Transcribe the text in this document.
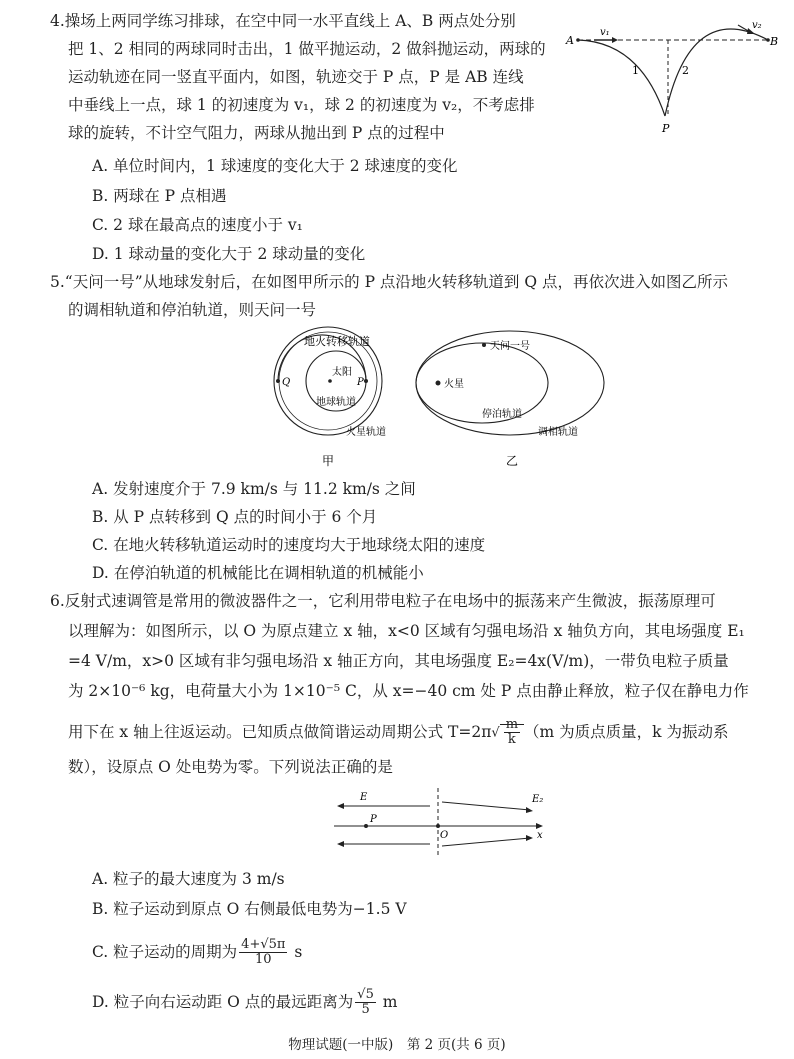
4.操场上两同学练习排球，在空中同一水平直线上 A、B 两点处分别
把 1、2 相同的两球同时击出，1 做平抛运动，2 做斜抛运动，两球的
运动轨迹在同一竖直平面内，如图，轨迹交于 P 点，P 是 AB 连线
中垂线上一点，球 1 的初速度为 v₁，球 2 的初速度为 v₂，不考虑排
球的旋转，不计空气阻力，两球从抛出到 P 点的过程中
A. 单位时间内，1 球速度的变化大于 2 球速度的变化
B. 两球在 P 点相遇
C. 2 球在最高点的速度小于 v₁
D. 1 球动量的变化大于 2 球动量的变化
A	B
P
1	2
v₁
v₂
5.“天问一号”从地球发射后，在如图甲所示的 P 点沿地火转移轨道到 Q 点，再依次进入如图乙所示
的调相轨道和停泊轨道，则天问一号
地火转移轨道
太阳
地球轨道
火星轨道
Q	P
甲
火星
天问一号
停泊轨道
调相轨道
乙
A. 发射速度介于 7.9 km/s 与 11.2 km/s 之间
B. 从 P 点转移到 Q 点的时间小于 6 个月
C. 在地火转移轨道运动时的速度均大于地球绕太阳的速度
D. 在停泊轨道的机械能比在调相轨道的机械能小
6.反射式速调管是常用的微波器件之一，它利用带电粒子在电场中的振荡来产生微波，振荡原理可
以理解为：如图所示，以 O 为原点建立 x 轴，x<0 区域有匀强电场沿 x 轴负方向，其电场强度 E₁
=4 V/m，x>0 区域有非匀强电场沿 x 轴正方向，其电场强度 E₂=4x(V/m)，一带负电粒子质量
为 2×10⁻⁶ kg，电荷量大小为 1×10⁻⁵ C，从 x=−40 cm 处 P 点由静止释放，粒子仅在静电力作
用下在 x 轴上往返运动。已知质点做简谐运动周期公式 $T=2\pi√ \frac{m}{k} (m$ 为质点质量，k 为振动系
数），设原点 O 处电势为零。下列说法正确的是
E	E₂
P
O	x
A. 粒子的最大速度为 3 m/s
B. 粒子运动到原点 O 右侧最低电势为−1.5 V
C. 粒子运动的周期为 $\frac{4+√5\pi}{10}$ s
D. 粒子向右运动距 O 点的最远距离为 $\frac{√5}{5}$ m
物理试题(一中版)　第 2 页(共 6 页)
